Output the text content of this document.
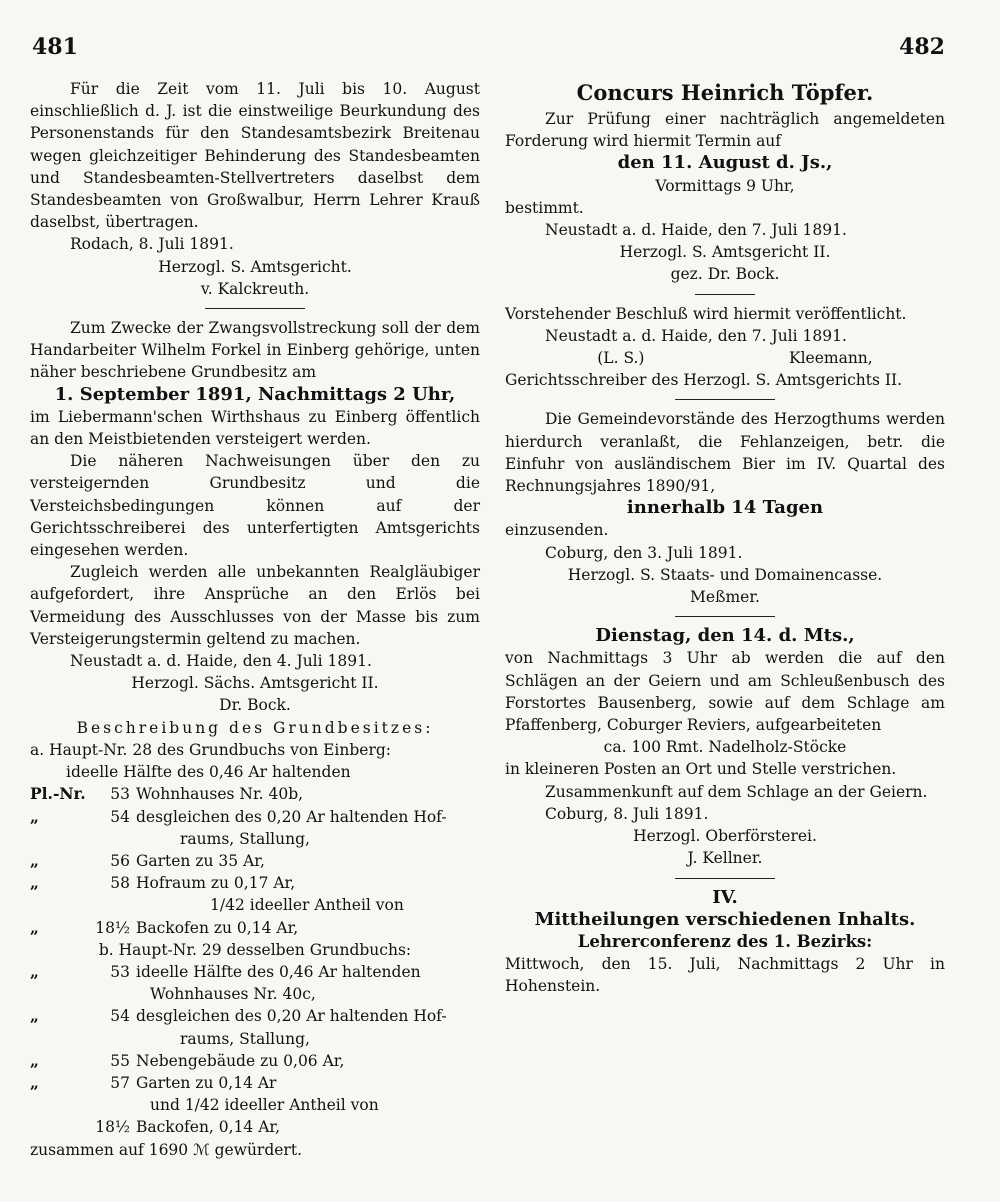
481	482

Für die Zeit vom 11. Juli bis 10. August einschließlich d. J. ist die einstweilige Beurkundung des Personenstands für den Standesamtsbezirk Breitenau wegen gleichzeitiger Behinderung des Standesbeamten und Standesbeamten-Stellvertreters daselbst dem Standesbeamten von Großwalbur, Herrn Lehrer Krauß daselbst, übertragen.

Rodach, 8. Juli 1891.

Herzogl. S. Amtsgericht.

v. Kalckreuth.

Zum Zwecke der Zwangsvollstreckung soll der dem Handarbeiter Wilhelm Forkel in Einberg gehörige, unten näher beschriebene Grundbesitz am

1. September 1891, Nachmittags 2 Uhr,

im Liebermann'schen Wirthshaus zu Einberg öffentlich an den Meistbietenden versteigert werden.

Die näheren Nachweisungen über den zu versteigernden Grundbesitz und die Versteichsbedingungen können auf der Gerichtsschreiberei des unterfertigten Amtsgerichts eingesehen werden.

Zugleich werden alle unbekannten Realgläubiger aufgefordert, ihre Ansprüche an den Erlös bei Vermeidung des Ausschlusses von der Masse bis zum Versteigerungstermin geltend zu machen.

Neustadt a. d. Haide, den 4. Juli 1891.

Herzogl. Sächs. Amtsgericht II.

Dr. Bock.

Beschreibung des Grundbesitzes:

a. Haupt-Nr. 28 des Grundbuchs von Einberg:

ideelle Hälfte des 0,46 Ar haltenden

Pl.-Nr.	53 Wohnhauses Nr. 40b,
„	54 desgleichen des 0,20 Ar haltenden Hof-
raums, Stallung,
„	56 Garten zu 35 Ar,
„	58 Hofraum zu 0,17 Ar,
1/42 ideeller Antheil von
„	18½ Backofen zu 0,14 Ar,

b. Haupt-Nr. 29 desselben Grundbuchs:

„	53 ideelle Hälfte des 0,46 Ar haltenden
Wohnhauses Nr. 40c,
„	54 desgleichen des 0,20 Ar haltenden Hof-
raums, Stallung,
„	55 Nebengebäude zu 0,06 Ar,
„	57 Garten zu 0,14 Ar
und 1/42 ideeller Antheil von
18½ Backofen, 0,14 Ar,

zusammen auf 1690 ℳ gewürdert.

Concurs Heinrich Töpfer.

Zur Prüfung einer nachträglich angemeldeten Forderung wird hiermit Termin auf

den 11. August d. Js.,

Vormittags 9 Uhr,

bestimmt.

Neustadt a. d. Haide, den 7. Juli 1891.

Herzogl. S. Amtsgericht II.

gez. Dr. Bock.

Vorstehender Beschluß wird hiermit veröffentlicht.

Neustadt a. d. Haide, den 7. Juli 1891.

(L. S.)	Kleemann,

Gerichtsschreiber des Herzogl. S. Amtsgerichts II.

Die Gemeindevorstände des Herzogthums werden hierdurch veranlaßt, die Fehlanzeigen, betr. die Einfuhr von ausländischem Bier im IV. Quartal des Rechnungsjahres 1890/91,

innerhalb 14 Tagen

einzusenden.

Coburg, den 3. Juli 1891.

Herzogl. S. Staats- und Domainencasse.

Meßmer.

Dienstag, den 14. d. Mts.,

von Nachmittags 3 Uhr ab werden die auf den Schlägen an der Geiern und am Schleußenbusch des Forstortes Bausenberg, sowie auf dem Schlage am Pfaffenberg, Coburger Reviers, aufgearbeiteten

ca. 100 Rmt. Nadelholz-Stöcke

in kleineren Posten an Ort und Stelle verstrichen.

Zusammenkunft auf dem Schlage an der Geiern.

Coburg, 8. Juli 1891.

Herzogl. Oberförsterei.

J. Kellner.

IV.

Mittheilungen verschiedenen Inhalts.

Lehrerconferenz des 1. Bezirks:

Mittwoch, den 15. Juli, Nachmittags 2 Uhr in Hohenstein.
